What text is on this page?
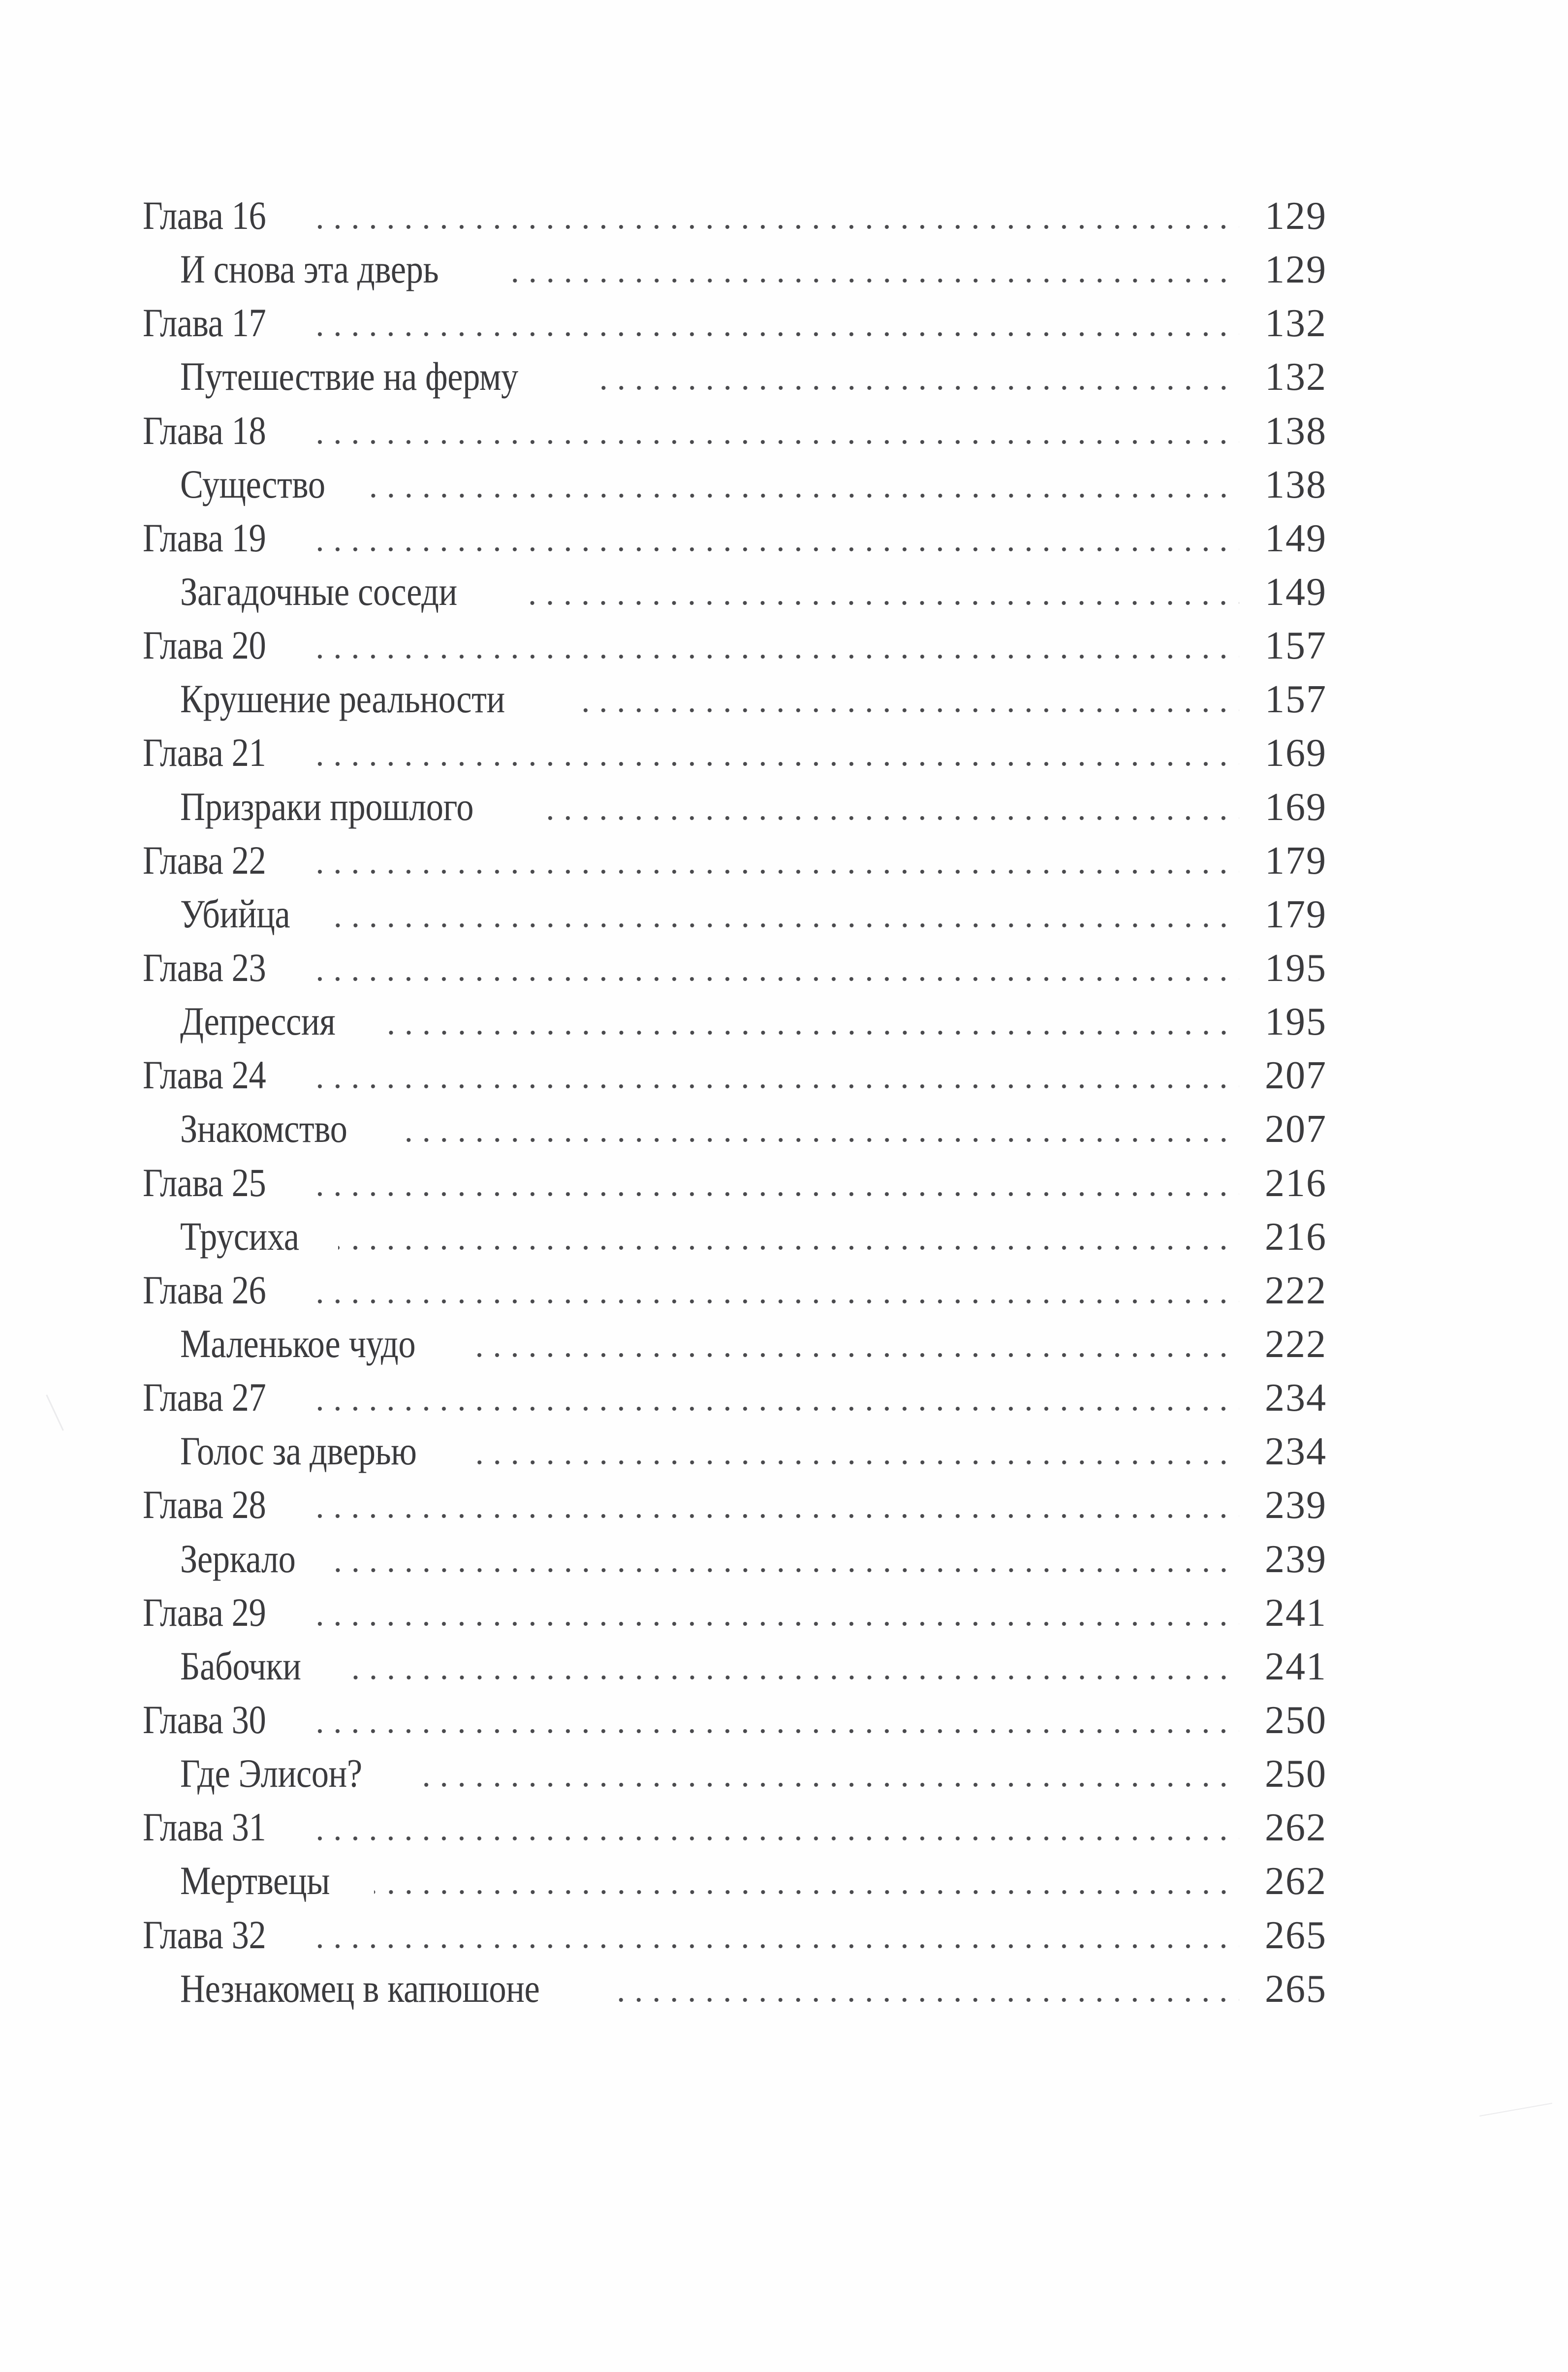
Глава 16	129
И снова эта дверь	129
Глава 17	132
Путешествие на ферму	132
Глава 18	138
Существо	138
Глава 19	149
Загадочные соседи	149
Глава 20	157
Крушение реальности	157
Глава 21	169
Призраки прошлого	169
Глава 22	179
Убийца	179
Глава 23	195
Депрессия	195
Глава 24	207
Знакомство	207
Глава 25	216
Трусиха	216
Глава 26	222
Маленькое чудо	222
Глава 27	234
Голос за дверью	234
Глава 28	239
Зеркало	239
Глава 29	241
Бабочки	241
Глава 30	250
Где Элисон?	250
Глава 31	262
Мертвецы	262
Глава 32	265
Незнакомец в капюшоне	265
